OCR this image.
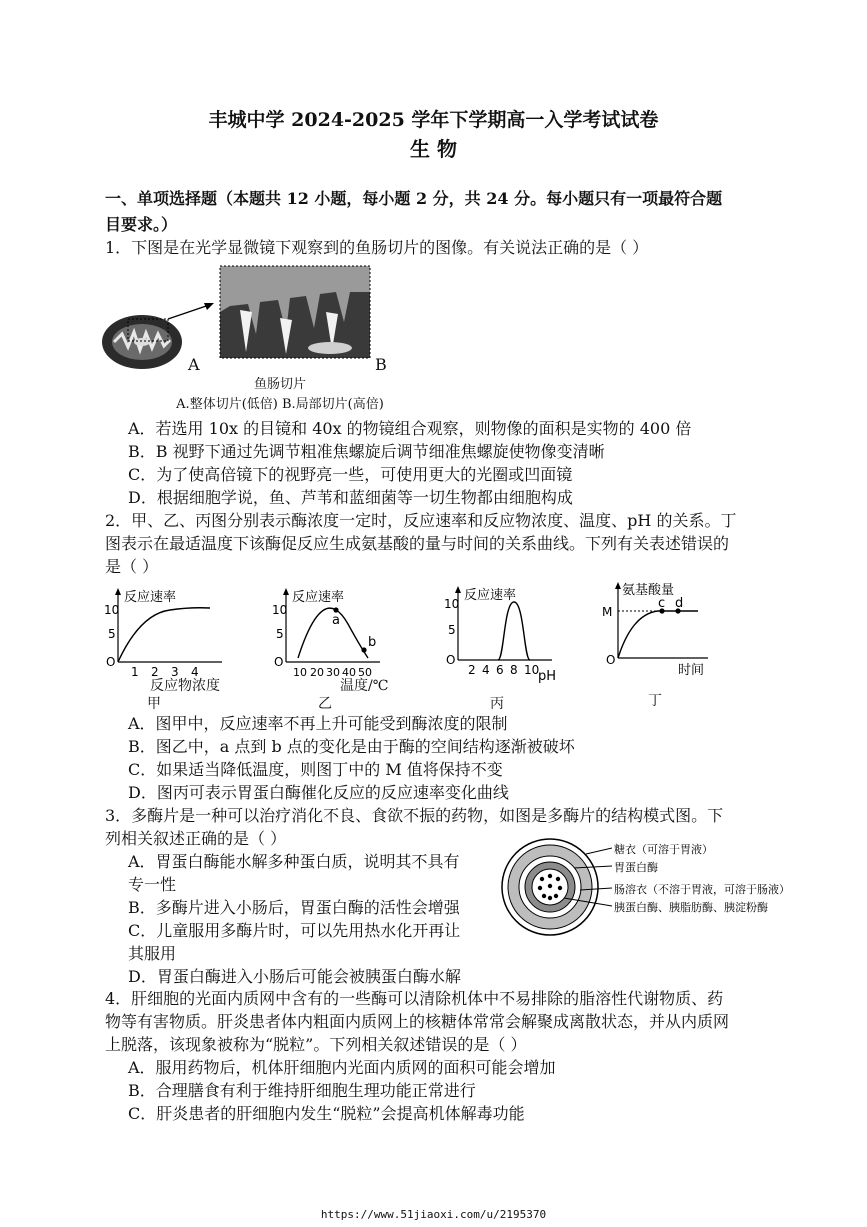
丰城中学 2024-2025 学年下学期高一入学考试试卷
生 物
一、单项选择题（本题共 12 小题，每小题 2 分，共 24 分。每小题只有一项最符合题
目要求。）
1．下图是在光学显微镜下观察到的鱼肠切片的图像。有关说法正确的是（ ）
A	B
鱼肠切片
A.整体切片(低倍) B.局部切片(高倍)
A．若选用 10x 的目镜和 40x 的物镜组合观察，则物像的面积是实物的 400 倍
B．B 视野下通过先调节粗准焦螺旋后调节细准焦螺旋使物像变清晰
C．为了使高倍镜下的视野亮一些，可使用更大的光圈或凹面镜
D．根据细胞学说，鱼、芦苇和蓝细菌等一切生物都由细胞构成
2．甲、乙、丙图分别表示酶浓度一定时，反应速率和反应物浓度、温度、pH 的关系。丁
图表示在最适温度下该酶促反应生成氨基酸的量与时间的关系曲线。下列有关表述错误的
是（ ）
反应速率
10
5
O
1 2 3 4
反应物浓度
甲
反应速率
10
5
O
10 20 30 40 50
a
b
温度/℃
乙
反应速率
10
5
O
2 4 6 8 10
pH
丙
氨基酸量
M
O
c d
时间
丁
A．图甲中，反应速率不再上升可能受到酶浓度的限制
B．图乙中，a 点到 b 点的变化是由于酶的空间结构逐渐被破坏
C．如果适当降低温度，则图丁中的 M 值将保持不变
D．图丙可表示胃蛋白酶催化反应的反应速率变化曲线
3．多酶片是一种可以治疗消化不良、食欲不振的药物，如图是多酶片的结构模式图。下
列相关叙述正确的是（ ）
A．胃蛋白酶能水解多种蛋白质，说明其不具有
专一性
B．多酶片进入小肠后，胃蛋白酶的活性会增强
C．儿童服用多酶片时，可以先用热水化开再让
其服用
D．胃蛋白酶进入小肠后可能会被胰蛋白酶水解
糖衣（可溶于胃液）
胃蛋白酶
肠溶衣（不溶于胃液，可溶于肠液）
胰蛋白酶、胰脂肪酶、胰淀粉酶
4．肝细胞的光面内质网中含有的一些酶可以清除机体中不易排除的脂溶性代谢物质、药
物等有害物质。肝炎患者体内粗面内质网上的核糖体常常会解聚成离散状态，并从内质网
上脱落，该现象被称为“脱粒”。下列相关叙述错误的是（ ）
A．服用药物后，机体肝细胞内光面内质网的面积可能会增加
B．合理膳食有利于维持肝细胞生理功能正常进行
C．肝炎患者的肝细胞内发生“脱粒”会提高机体解毒功能
https://www.51jiaoxi.com/u/2195370
